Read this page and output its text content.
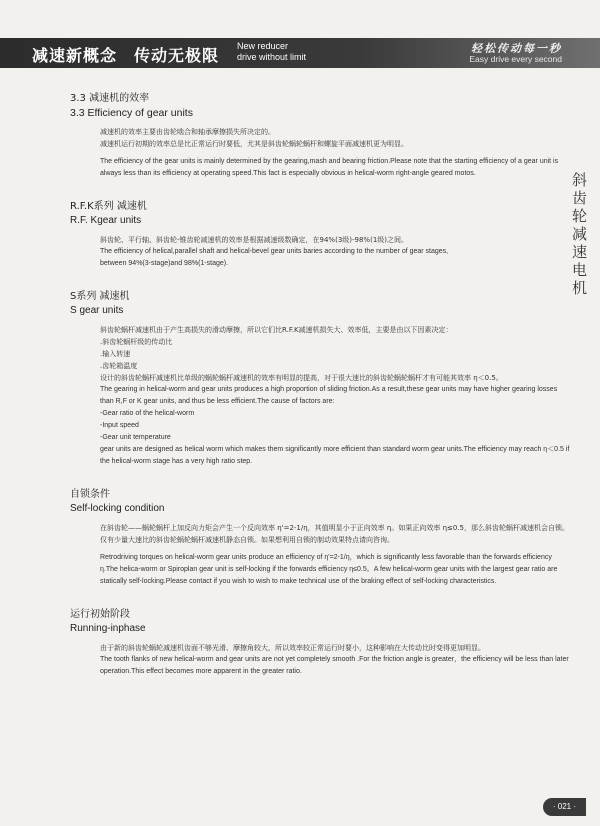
减速新概念　传动无极限 New reducer
drive without limit
轻松传动每一秒
Easy drive every second
斜齿轮减速电机

3.3 减速机的效率

3.3 Efficiency of gear units

减速机的效率主要由齿轮啮合和轴承摩擦损失所决定的。

减速机运行初期的效率总是比正常运行时要低，尤其是斜齿轮蜗轮蜗杆和螺旋平面减速机更为明显。

The efficiency of the gear units is mainly determined by the gearing,mash and bearing friction.Please note that the starting efficiency of a gear unit is always less than its efficiency at operating speed.This fact is especially obvious in helical-worm right-angle geared motos.

R.F.K系列 减速机

R.F. Kgear units

斜齿轮、平行轴、斜齿轮-锥齿轮减速机的效率是根据减速级数确定，在94%(3级)-98%(1级)之间。

The efficiency of helical,parallel shaft and helical-bevel gear units baries according to the number of gear stages,

between 94%(3-stage)and 98%(1-stage).

S系列 减速机

S gear units

斜齿轮蜗杆减速机由于产生高损失的滑动摩擦，所以它们比R.F.K减速机损失大、效率低，主要是由以下因素决定：

.斜齿轮蜗杆级的传动比

.输入转速

.齿轮箱温度

设计的斜齿轮蜗杆减速机比单级的蜗轮蜗杆减速机的效率有明显的提高，对于很大速比的斜齿轮蜗轮蜗杆才有可能其效率 η＜0.5。

The gearing in helical-worm and gear units produces a high proportion of sliding friction.As a result,these gear units may have higher gearing losses than R,F or K gear units, and thus be less efficient.The cause of factors are:

-Gear ratio of the helical-worm

-Input speed

-Gear unit temperature

gear units are designed as helical worm which makes them significantly more efficient than standard worm gear units.The efficiency may reach η＜0.5 if the helical-worm stage has a very high ratio step.

自锁条件

Self-locking condition

在斜齿轮——蜗轮蜗杆上加反向力矩会产生一个反向效率 η'=2-1/η，其值明显小于正向效率 η。如果正向效率 η≤0.5，那么斜齿轮蜗杆减速机会自锁。仅有少量大速比的斜齿轮蜗轮蜗杆减速机静态自锁。如果想利用自锁的制动效果特点请向咨询。

Retrodriving torques on helical-worm gear units produce an efficiency of η'=2-1/η，which is significantly less favorable than the forwards efficiency η.The helica-worm or Spiroplan gear unit is self-locking if the forwards efficiency η≤0.5。A few helical-worm gear units with the largest gear ratio are statically self-locking.Please contact if you wish to wish to make technical use of the braking effect of self-locking characteristics.

运行初始阶段

Running-inphase

由于新的斜齿轮蜗轮减速机齿面不够光滑、摩擦角较大，所以效率较正常运行时要小，这种影响在大传动比时变得更加明显。

The tooth flanks of new helical-worm and gear units are not yet completely smooth .For the friction angle is greater，the efficiency will be less than later operation.This effect becomes more apparent in the greater ratio.

· 021 ·
